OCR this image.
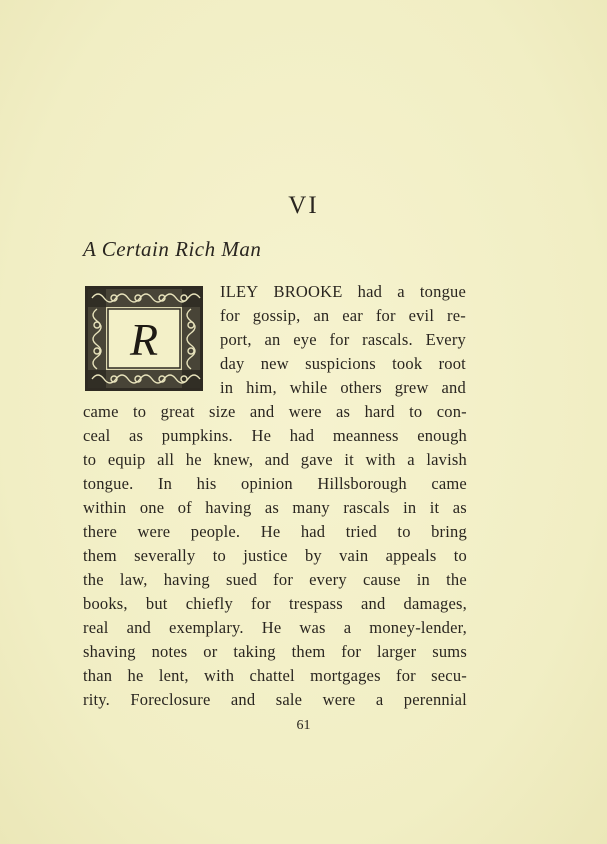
VI
A Certain Rich Man
R
ILEY BROOKE had a tongue
for gossip, an ear for evil re-
port, an eye for rascals. Every
day new suspicions took root
in him, while others grew and
came to great size and were as hard to con-
ceal as pumpkins. He had meanness enough
to equip all he knew, and gave it with a lavish
tongue. In his opinion Hillsborough came
within one of having as many rascals in it as
there were people. He had tried to bring
them severally to justice by vain appeals to
the law, having sued for every cause in the
books, but chiefly for trespass and damages,
real and exemplary. He was a money-lender,
shaving notes or taking them for larger sums
than he lent, with chattel mortgages for secu-
rity. Foreclosure and sale were a perennial
61
